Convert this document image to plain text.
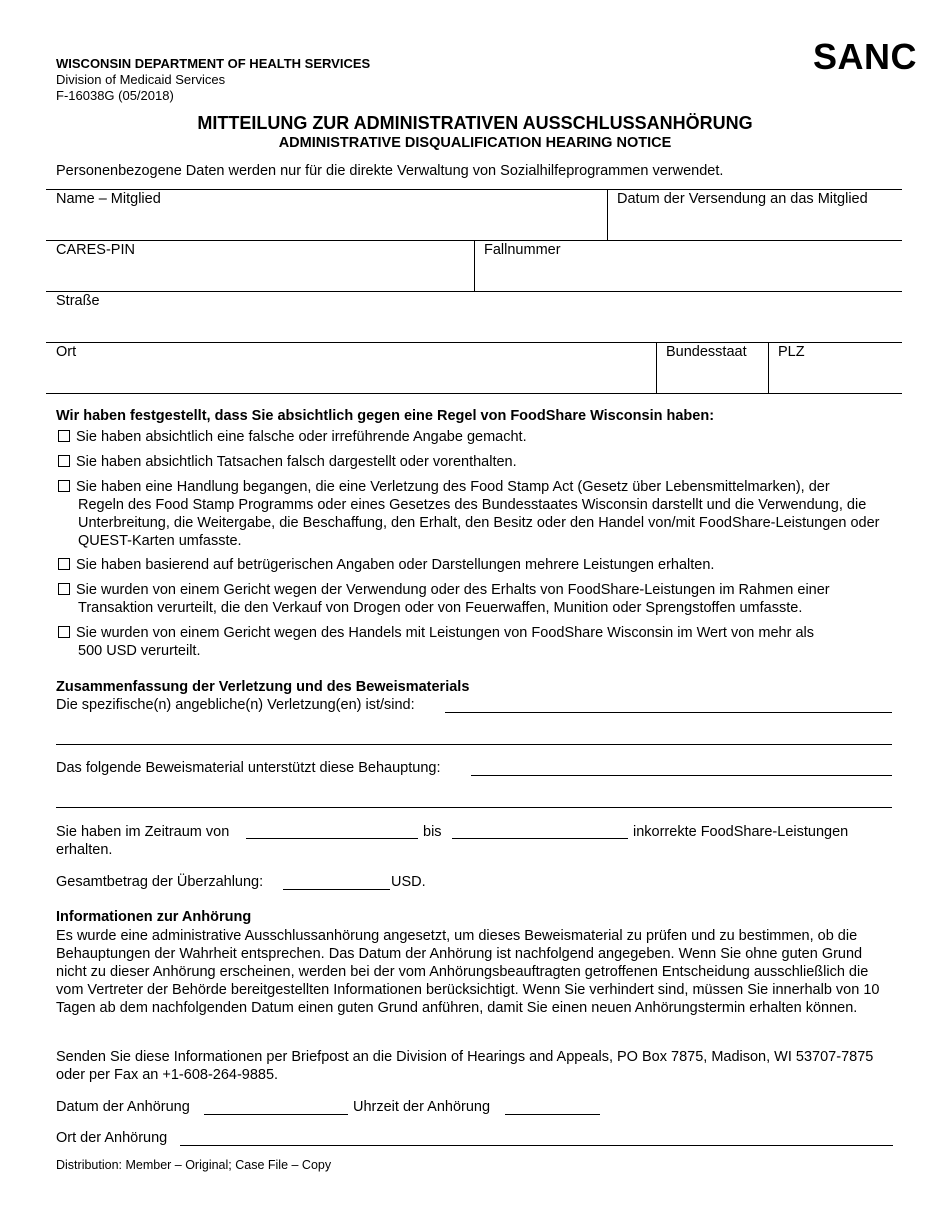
WISCONSIN DEPARTMENT OF HEALTH SERVICES
Division of Medicaid Services
F-16038G (05/2018)
SANC
MITTEILUNG ZUR ADMINISTRATIVEN AUSSCHLUSSANHÖRUNG
ADMINISTRATIVE DISQUALIFICATION HEARING NOTICE
Personenbezogene Daten werden nur für die direkte Verwaltung von Sozialhilfeprogrammen verwendet.
Name – Mitglied	Datum der Versendung an das Mitglied
CARES-PIN	Fallnummer
Straße
Ort	Bundesstaat PLZ
Wir haben festgestellt, dass Sie absichtlich gegen eine Regel von FoodShare Wisconsin haben:
Sie haben absichtlich eine falsche oder irreführende Angabe gemacht.
Sie haben absichtlich Tatsachen falsch dargestellt oder vorenthalten.
Sie haben eine Handlung begangen, die eine Verletzung des Food Stamp Act (Gesetz über Lebensmittelmarken), der
Regeln des Food Stamp Programms oder eines Gesetzes des Bundesstaates Wisconsin darstellt und die Verwendung, die Unterbreitung, die Weitergabe, die Beschaffung, den Erhalt, den Besitz oder den Handel von/mit FoodShare-Leistungen oder QUEST-Karten umfasste.
Sie haben basierend auf betrügerischen Angaben oder Darstellungen mehrere Leistungen erhalten.
Sie wurden von einem Gericht wegen der Verwendung oder des Erhalts von FoodShare-Leistungen im Rahmen einer
Transaktion verurteilt, die den Verkauf von Drogen oder von Feuerwaffen, Munition oder Sprengstoffen umfasste.
Sie wurden von einem Gericht wegen des Handels mit Leistungen von FoodShare Wisconsin im Wert von mehr als
500 USD verurteilt.
Zusammenfassung der Verletzung und des Beweismaterials
Die spezifische(n) angebliche(n) Verletzung(en) ist/sind:
Das folgende Beweismaterial unterstützt diese Behauptung:
Sie haben im Zeitraum von	bis	inkorrekte FoodShare-Leistungen
erhalten.
Gesamtbetrag der Überzahlung:	USD.
Informationen zur Anhörung
Es wurde eine administrative Ausschlussanhörung angesetzt, um dieses Beweismaterial zu prüfen und zu bestimmen, ob die Behauptungen der Wahrheit entsprechen. Das Datum der Anhörung ist nachfolgend angegeben. Wenn Sie ohne guten Grund nicht zu dieser Anhörung erscheinen, werden bei der vom Anhörungsbeauftragten getroffenen Entscheidung ausschließlich die vom Vertreter der Behörde bereitgestellten Informationen berücksichtigt. Wenn Sie verhindert sind, müssen Sie innerhalb von 10 Tagen ab dem nachfolgenden Datum einen guten Grund anführen, damit Sie einen neuen Anhörungstermin erhalten können.
Senden Sie diese Informationen per Briefpost an die Division of Hearings and Appeals, PO Box 7875, Madison, WI 53707-7875 oder per Fax an +1-608-264-9885.
Datum der Anhörung	Uhrzeit der Anhörung
Ort der Anhörung
Distribution: Member – Original; Case File – Copy
